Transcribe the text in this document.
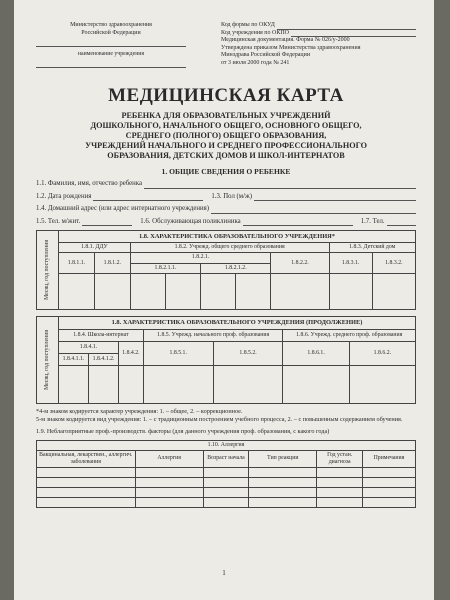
Министерство здравоохранения
Российской Федерации
наименование учреждения
Код формы по ОКУД
Код учреждения по ОКПО
Медицинская документация. Форма № 026/у-2000
Утверждена приказом Министерства здравоохранения
Минздрава Российской Федерации
от 3 июля 2000 года № 241
МЕДИЦИНСКАЯ КАРТА
РЕБЕНКА ДЛЯ ОБРАЗОВАТЕЛЬНЫХ УЧРЕЖДЕНИЙ
ДОШКОЛЬНОГО, НАЧАЛЬНОГО ОБЩЕГО, ОСНОВНОГО ОБЩЕГО,
СРЕДНЕГО (ПОЛНОГО) ОБЩЕГО ОБРАЗОВАНИЯ,
УЧРЕЖДЕНИЙ НАЧАЛЬНОГО И СРЕДНЕГО ПРОФЕССИОНАЛЬНОГО
ОБРАЗОВАНИЯ, ДЕТСКИХ ДОМОВ И ШКОЛ-ИНТЕРНАТОВ
1. ОБЩИЕ СВЕДЕНИЯ О РЕБЕНКЕ
1.1. Фамилия, имя, отчество ребенка
1.2. Дата рождения	1.3. Пол (м/ж)
1.4. Домашний адрес (или адрес интернатного учреждения)
1.5. Тел. м/жит.	1.6. Обслуживающая поликлиника	1.7. Тел.
Месяц, год поступления
1.8. ХАРАКТЕРИСТИКА ОБРАЗОВАТЕЛЬНОГО УЧРЕЖДЕНИЯ*								
1.8.1. ДДУ		1.8.2. Учрежд. общего среднего образования					1.8.3. Детский дом	
1.8.1.1.	1.8.1.2.	1.8.2.1.				1.8.2.2.	1.8.3.1.	1.8.3.2.
		1.8.2.1.1.		1.8.2.1.2.				

Месяц, год поступления
1.8. ХАРАКТЕРИСТИКА ОБРАЗОВАТЕЛЬНОГО УЧРЕЖДЕНИЯ (ПРОДОЛЖЕНИЕ)						
1.8.4. Школа-интернат			1.8.5. Учрежд. начального проф. образования		1.8.6. Учрежд. среднего проф. образования	
1.8.4.1.		1.8.4.2.	1.8.5.1.	1.8.5.2.	1.8.6.1.	1.8.6.2.
1.8.4.1.1.	1.8.4.1.2.					

*4-м знаком кодируется характер учреждения: 1. – общее, 2. – коррекционное.
5-м знаком кодируется вид учреждения: 1. – с традиционным построением учебного процесса, 2. – с повышенным содержанием обучения.
1.9. Неблагоприятные проф.-производств. факторы (для данного учреждения проф. образования, с какого года)
1.10. Аллергия					
Вакцинальная, лекарствен., аллергич. заболевания	Аллергия	Возраст начала	Тип реакции	Год устан. диагноза	Примечания

1
